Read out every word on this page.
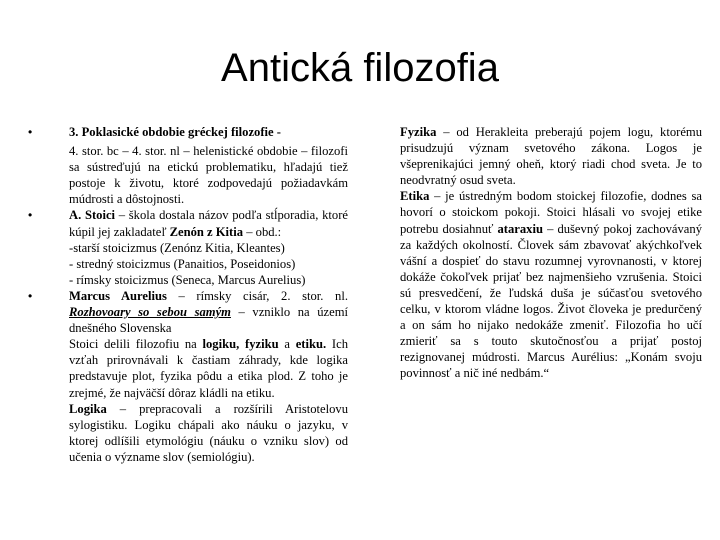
Antická filozofia
•	3. Poklasické obdobie gréckej filozofie -

4. stor. bc – 4. stor. nl – helenistické obdobie – filozofi sa sústreďujú na etickú problematiku, hľadajú tiež postoje k životu, ktoré zodpovedajú požiadavkám múdrosti a dôstojnosti.

•	A. Stoici – škola dostala názov podľa stĺporadia, ktoré kúpil jej zakladateľ Zenón z Kitia – obd.:

-starší stoicizmus (Zenónz Kitia, Kleantes)

- stredný stoicizmus (Panaitios, Poseidonios)

- rímsky stoicizmus (Seneca, Marcus Aurelius)

•	Marcus Aurelius – rímsky cisár, 2. stor. nl. Rozhovoary so sebou samým – vzniklo na území dnešného Slovenska

Stoici delili filozofiu na logiku, fyziku a etiku. Ich vzťah prirovnávali k častiam záhrady, kde logika predstavuje plot, fyzika pôdu a etika plod. Z toho je zrejmé, že najväčší dôraz kládli na etiku.

Logika – prepracovali a rozšírili Aristotelovu sylogistiku. Logiku chápali ako náuku o jazyku, v ktorej odlíšili etymológiu (náuku o vzniku slov) od učenia o význame slov (semiológiu).

Fyzika – od Herakleita preberajú pojem logu, ktorému prisudzujú význam svetového zákona. Logos je všeprenikajúci jemný oheň, ktorý riadi chod sveta. Je to neodvratný osud sveta.

Etika – je ústredným bodom stoickej filozofie, dodnes sa hovorí o stoickom pokoji. Stoici hlásali vo svojej etike potrebu dosiahnuť ataraxiu – duševný pokoj zachovávaný za každých okolností. Človek sám zbavovať akýchkoľvek vášní a dospieť do stavu rozumnej vyrovnanosti, v ktorej dokáže čokoľvek prijať bez najmenšieho vzrušenia. Stoici sú presvedčení, že ľudská duša je súčasťou svetového celku, v ktorom vládne logos. Život človeka je predurčený a on sám ho nijako nedokáže zmeniť. Filozofia ho učí zmieriť sa s touto skutočnosťou a prijať postoj rezignovanej múdrosti. Marcus Aurélius: „Konám svoju povinnosť a nič iné nedbám.“
